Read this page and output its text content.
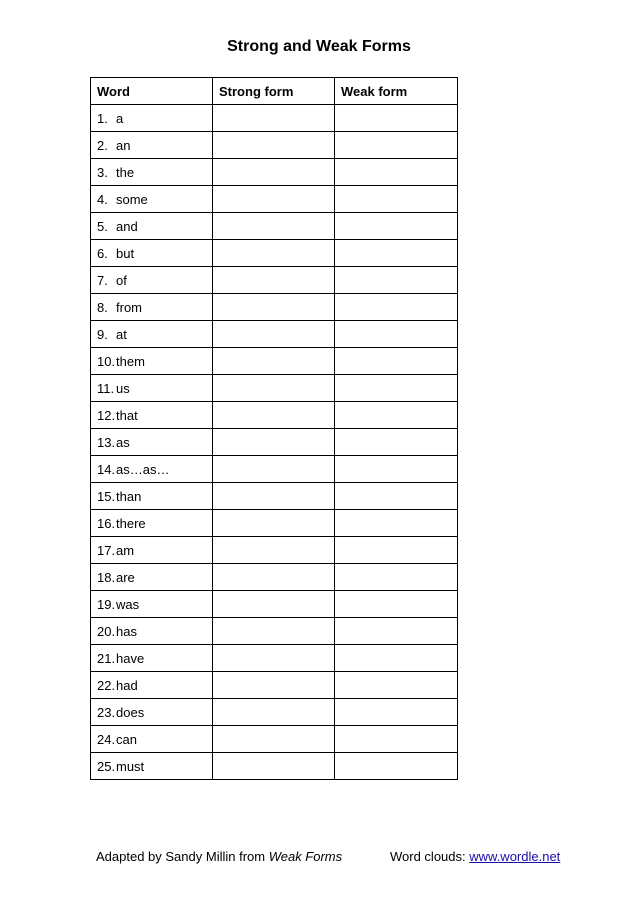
Strong and Weak Forms
Word	Strong form	Weak form
1. a		
2. an		
3. the		
4. some		
5. and		
6. but		
7. of		
8. from		
9. at		
10.them		
11. us		
12.that		
13.as		
14.as…as…		
15.than		
16.there		
17.am		
18.are		
19.was		
20.has		
21.have		
22.had		
23.does		
24.can		
25.must		
Adapted by Sandy Millin from Weak Forms	Word clouds: www.wordle.net
